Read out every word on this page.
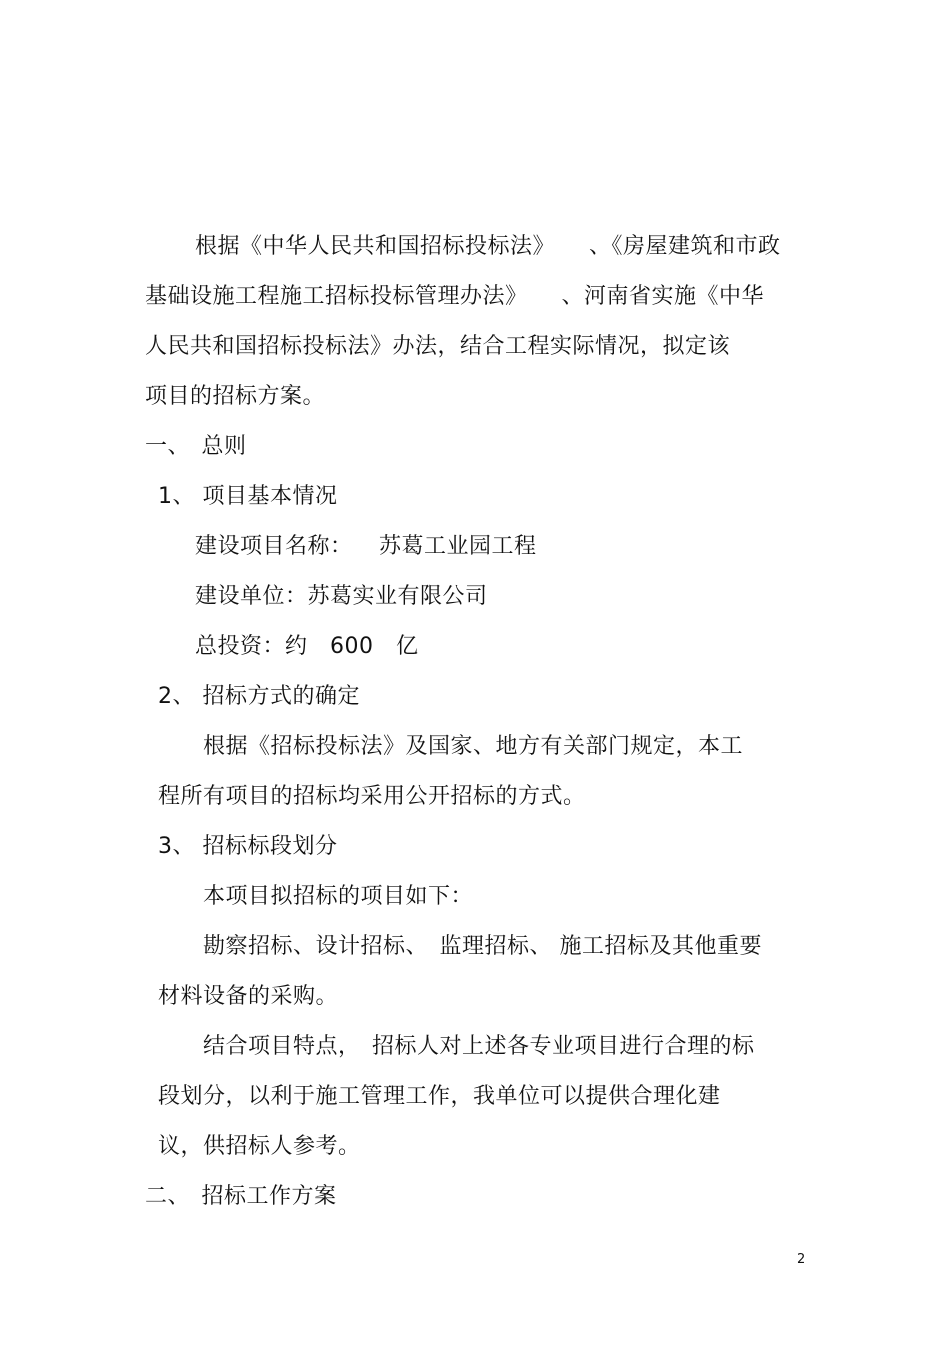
根据《中华人民共和国招标投标法》　　、《房屋建筑和市政
基础设施工程施工招标投标管理办法》　　、河南省实施《中华
人民共和国招标投标法》办法，结合工程实际情况，拟定该
项目的招标方案。
一、　总则
1、 项目基本情况
建设项目名称：　  苏葛工业园工程
建设单位：苏葛实业有限公司
总投资：约　600　亿
2、 招标方式的确定
根据《招标投标法》及国家、地方有关部门规定，本工
程所有项目的招标均采用公开招标的方式。
3、 招标标段划分
本项目拟招标的项目如下：
勘察招标、设计招标、　监理招标、 施工招标及其他重要
材料设备的采购。
结合项目特点，　招标人对上述各专业项目进行合理的标
段划分，以利于施工管理工作，我单位可以提供合理化建
议，供招标人参考。
二、　招标工作方案
2
